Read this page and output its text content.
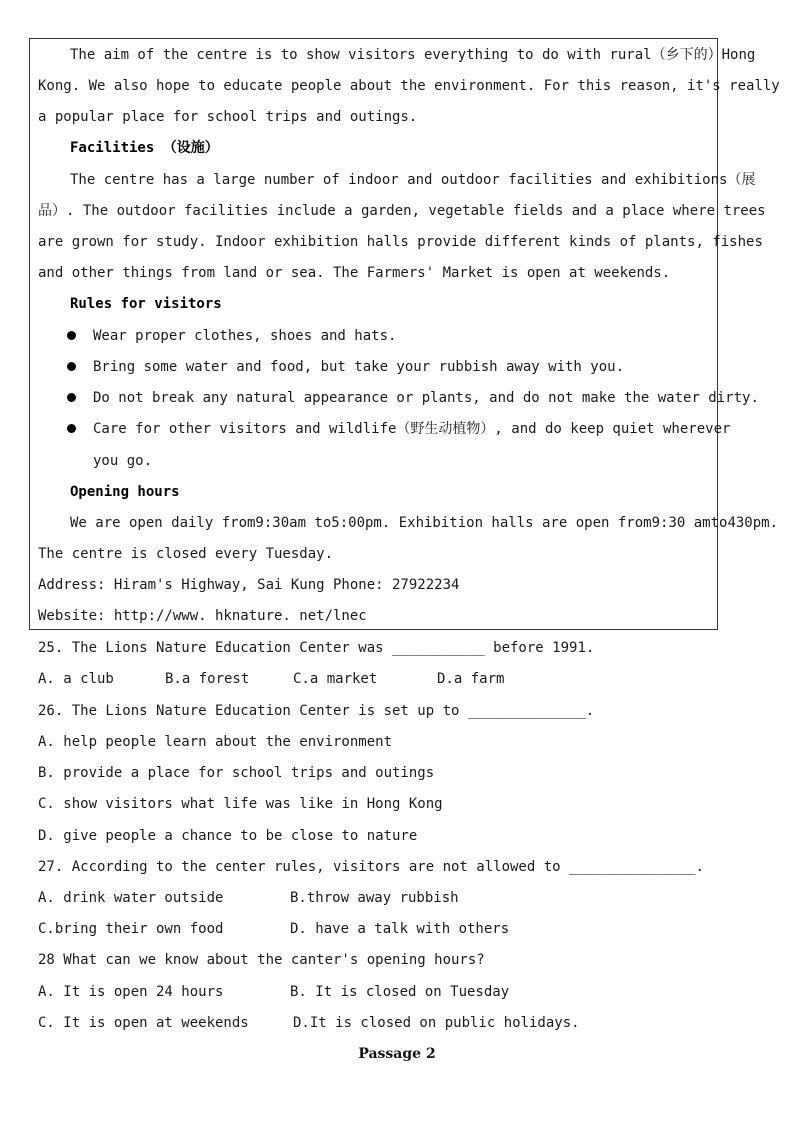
The aim of the centre is to show visitors everything to do with rural（乡下的）Hong
Kong. We also hope to educate people about the environment. For this reason, it's really
a popular place for school trips and outings.
Facilities （设施）
The centre has a large number of indoor and outdoor facilities and exhibitions（展
品）. The outdoor facilities include a garden, vegetable fields and a place where trees
are grown for study. Indoor exhibition halls provide different kinds of plants, fishes
and other things from land or sea. The Farmers' Market is open at weekends.
Rules for visitors
Wear proper clothes, shoes and hats.
Bring some water and food, but take your rubbish away with you.
Do not break any natural appearance or plants, and do not make the water dirty.
Care for other visitors and wildlife（野生动植物）, and do keep quiet wherever
you go.
Opening hours
We are open daily from9:30am to5:00pm. Exhibition halls are open from9:30 amto430pm.
The centre is closed every Tuesday.
Address: Hiram's Highway, Sai Kung Phone: 27922234
Website: http://www. hknature. net/lnec
25. The Lions Nature Education Center was ___________ before 1991.
A. a club	B.a forest	C.a market	D.a farm
26. The Lions Nature Education Center is set up to ______________.
A. help people learn about the environment
B. provide a place for school trips and outings
C. show visitors what life was like in Hong Kong
D. give people a chance to be close to nature
27. According to the center rules, visitors are not allowed to _______________.
A. drink water outside	B.throw away rubbish
C.bring their own food	D. have a talk with others
28 What can we know about the canter's opening hours?
A. It is open 24 hours	B. It is closed on Tuesday
C. It is open at weekends	D.It is closed on public holidays.
Passage 2
